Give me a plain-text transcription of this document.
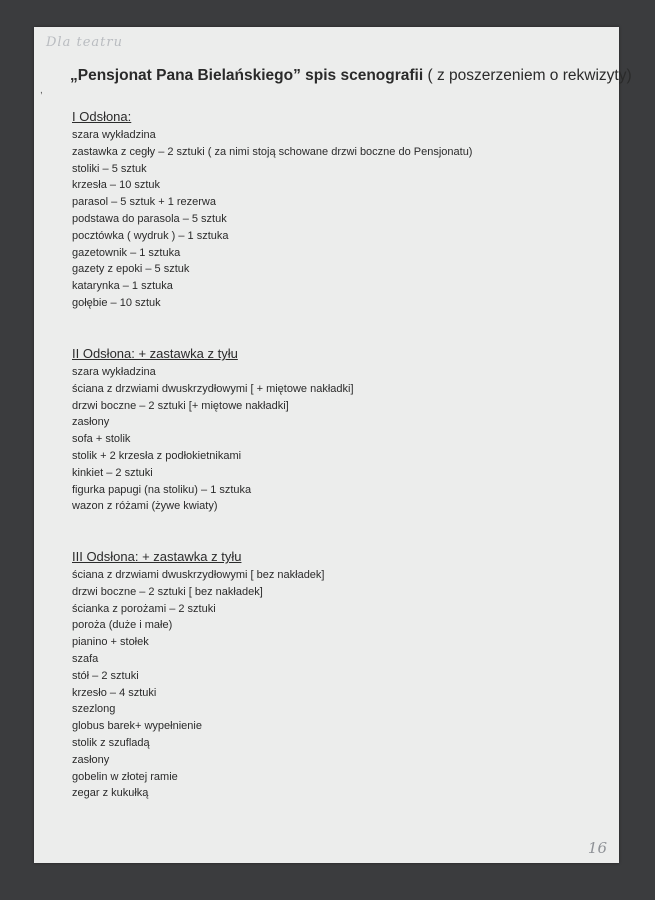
Dla teatru
,
„Pensjonat Pana Bielańskiego” spis scenografii ( z poszerzeniem o rekwizyty)
I Odsłona:
szara wykładzina
zastawka z cegły – 2 sztuki ( za nimi stoją schowane drzwi boczne do Pensjonatu)
stoliki – 5 sztuk
krzesła – 10 sztuk
parasol – 5 sztuk + 1 rezerwa
podstawa do parasola – 5 sztuk
pocztówka ( wydruk ) – 1 sztuka
gazetownik – 1 sztuka
gazety z epoki – 5 sztuk
katarynka – 1 sztuka
gołębie – 10 sztuk
II Odsłona: + zastawka z tyłu
szara wykładzina
ściana z drzwiami dwuskrzydłowymi [ + miętowe nakładki]
drzwi boczne – 2 sztuki [+ miętowe nakładki]
zasłony
sofa + stolik
stolik + 2 krzesła z podłokietnikami
kinkiet – 2 sztuki
figurka papugi (na stoliku) – 1 sztuka
wazon z różami (żywe kwiaty)
III Odsłona: + zastawka z tyłu
ściana z drzwiami dwuskrzydłowymi [ bez nakładek]
drzwi boczne – 2 sztuki [ bez nakładek]
ścianka z porożami – 2 sztuki
poroża (duże i małe)
pianino + stołek
szafa
stół – 2 sztuki
krzesło – 4 sztuki
szezlong
globus barek+ wypełnienie
stolik z szufladą
zasłony
gobelin w złotej ramie
zegar z kukułką
16
